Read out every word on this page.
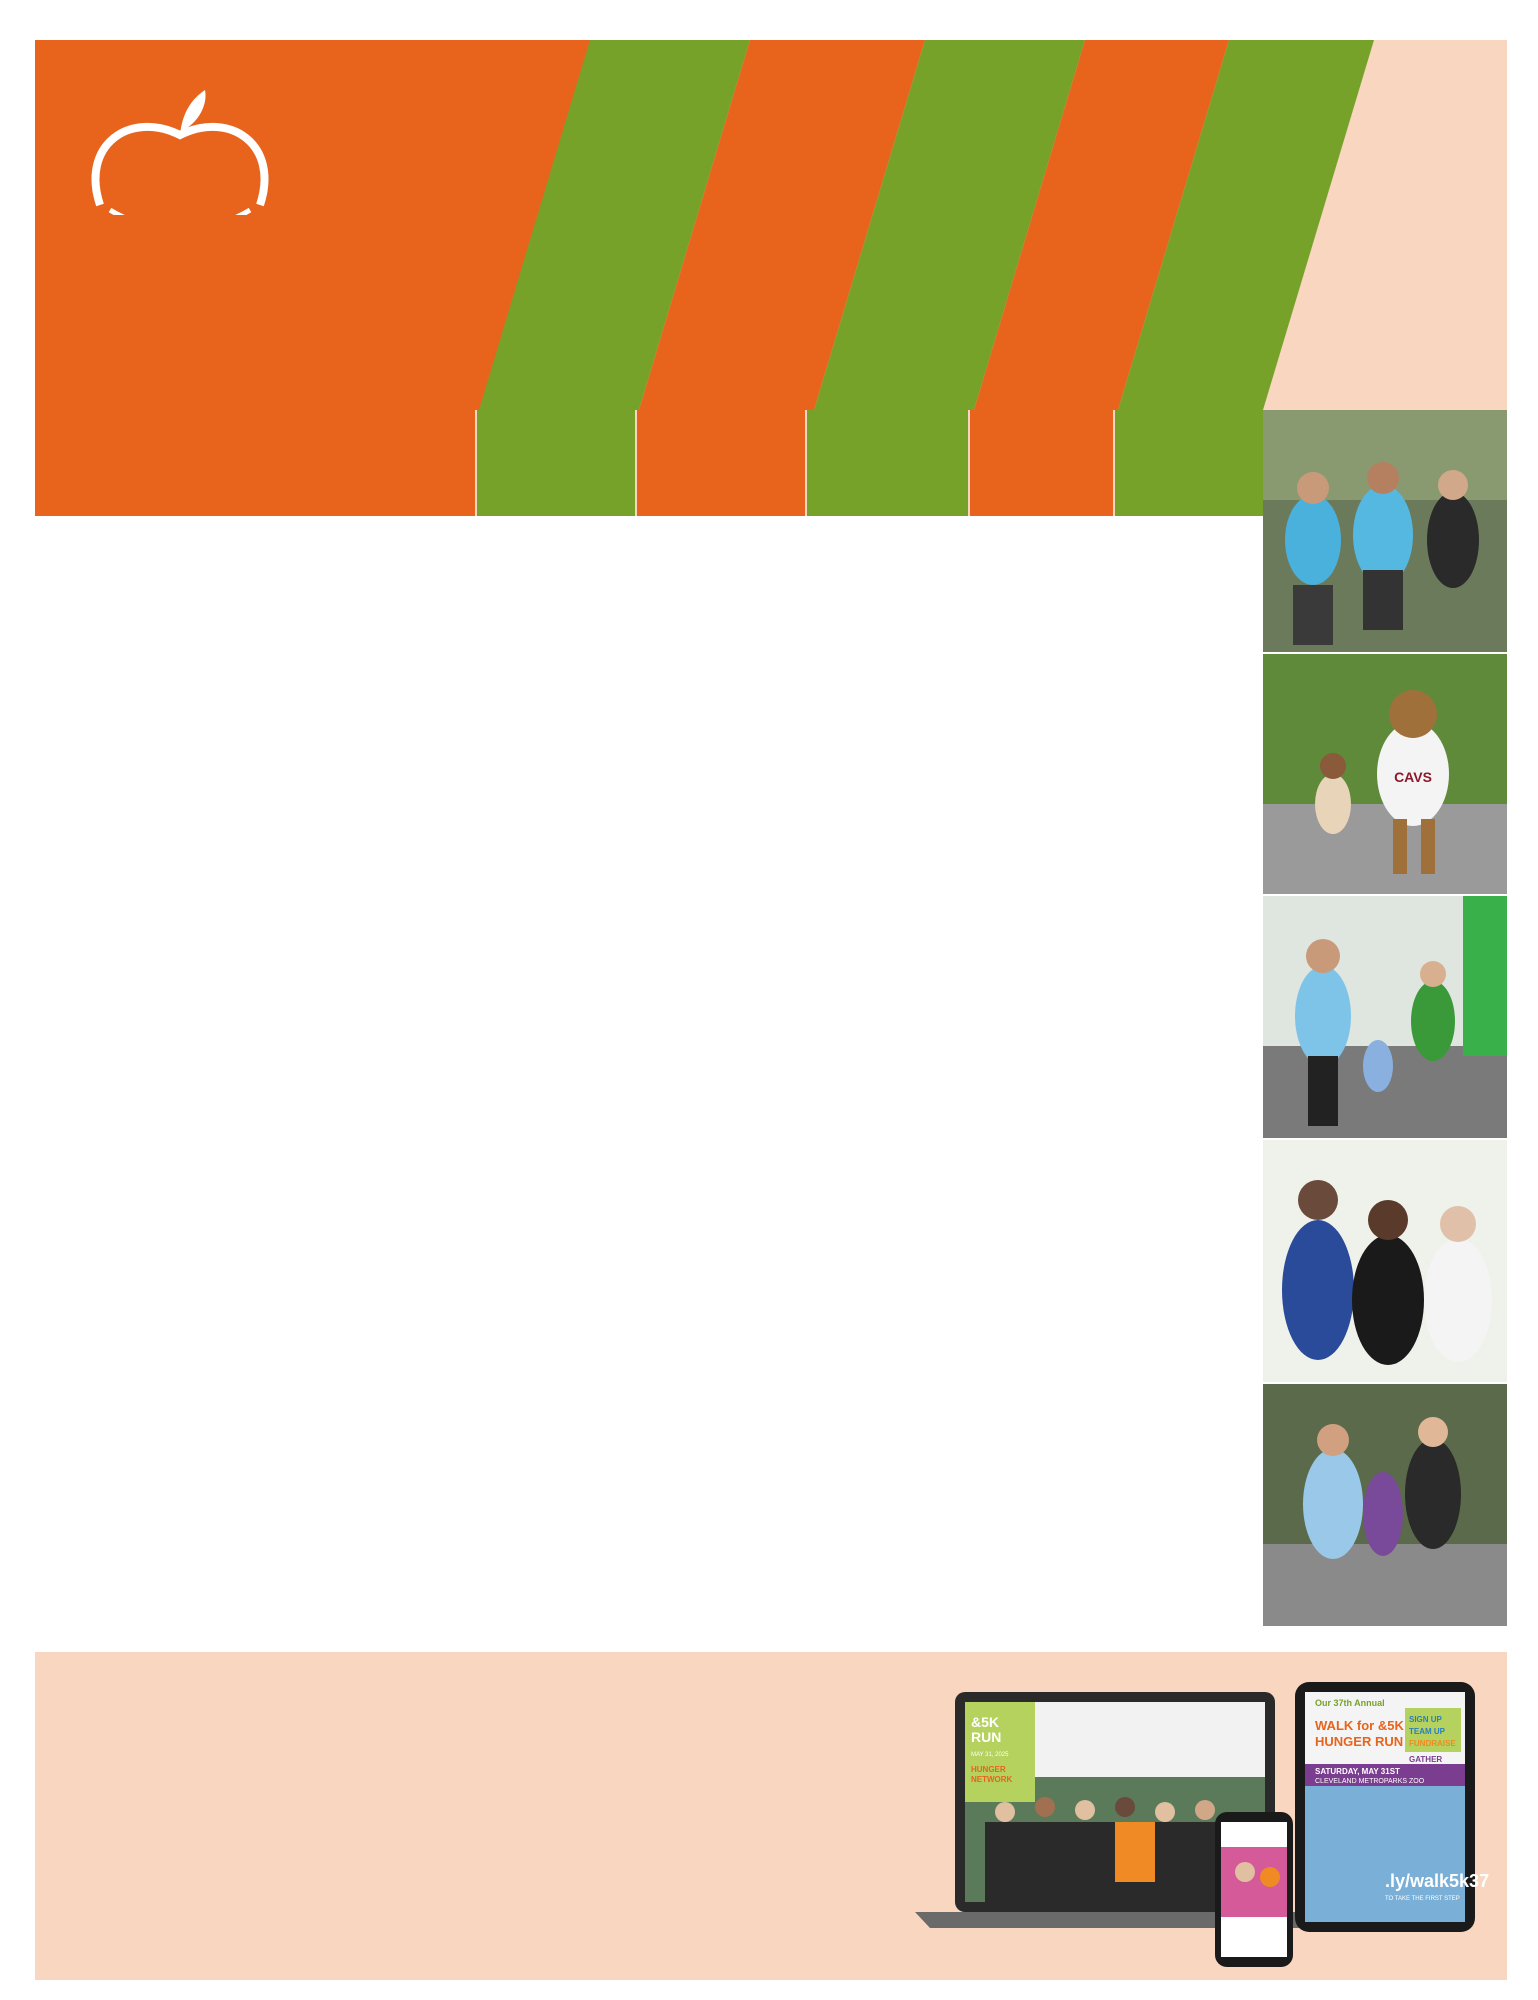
CAVS
&5K
RUN
MAY 31, 2025
HUNGER
NETWORK
Our 37th Annual
WALK for &5K
HUNGER RUN
SIGN UP
TEAM UP
FUNDRAISE
GATHER
SATURDAY, MAY 31ST
CLEVELAND METROPARKS ZOO
.ly/walk5k37
TO TAKE THE FIRST STEP
